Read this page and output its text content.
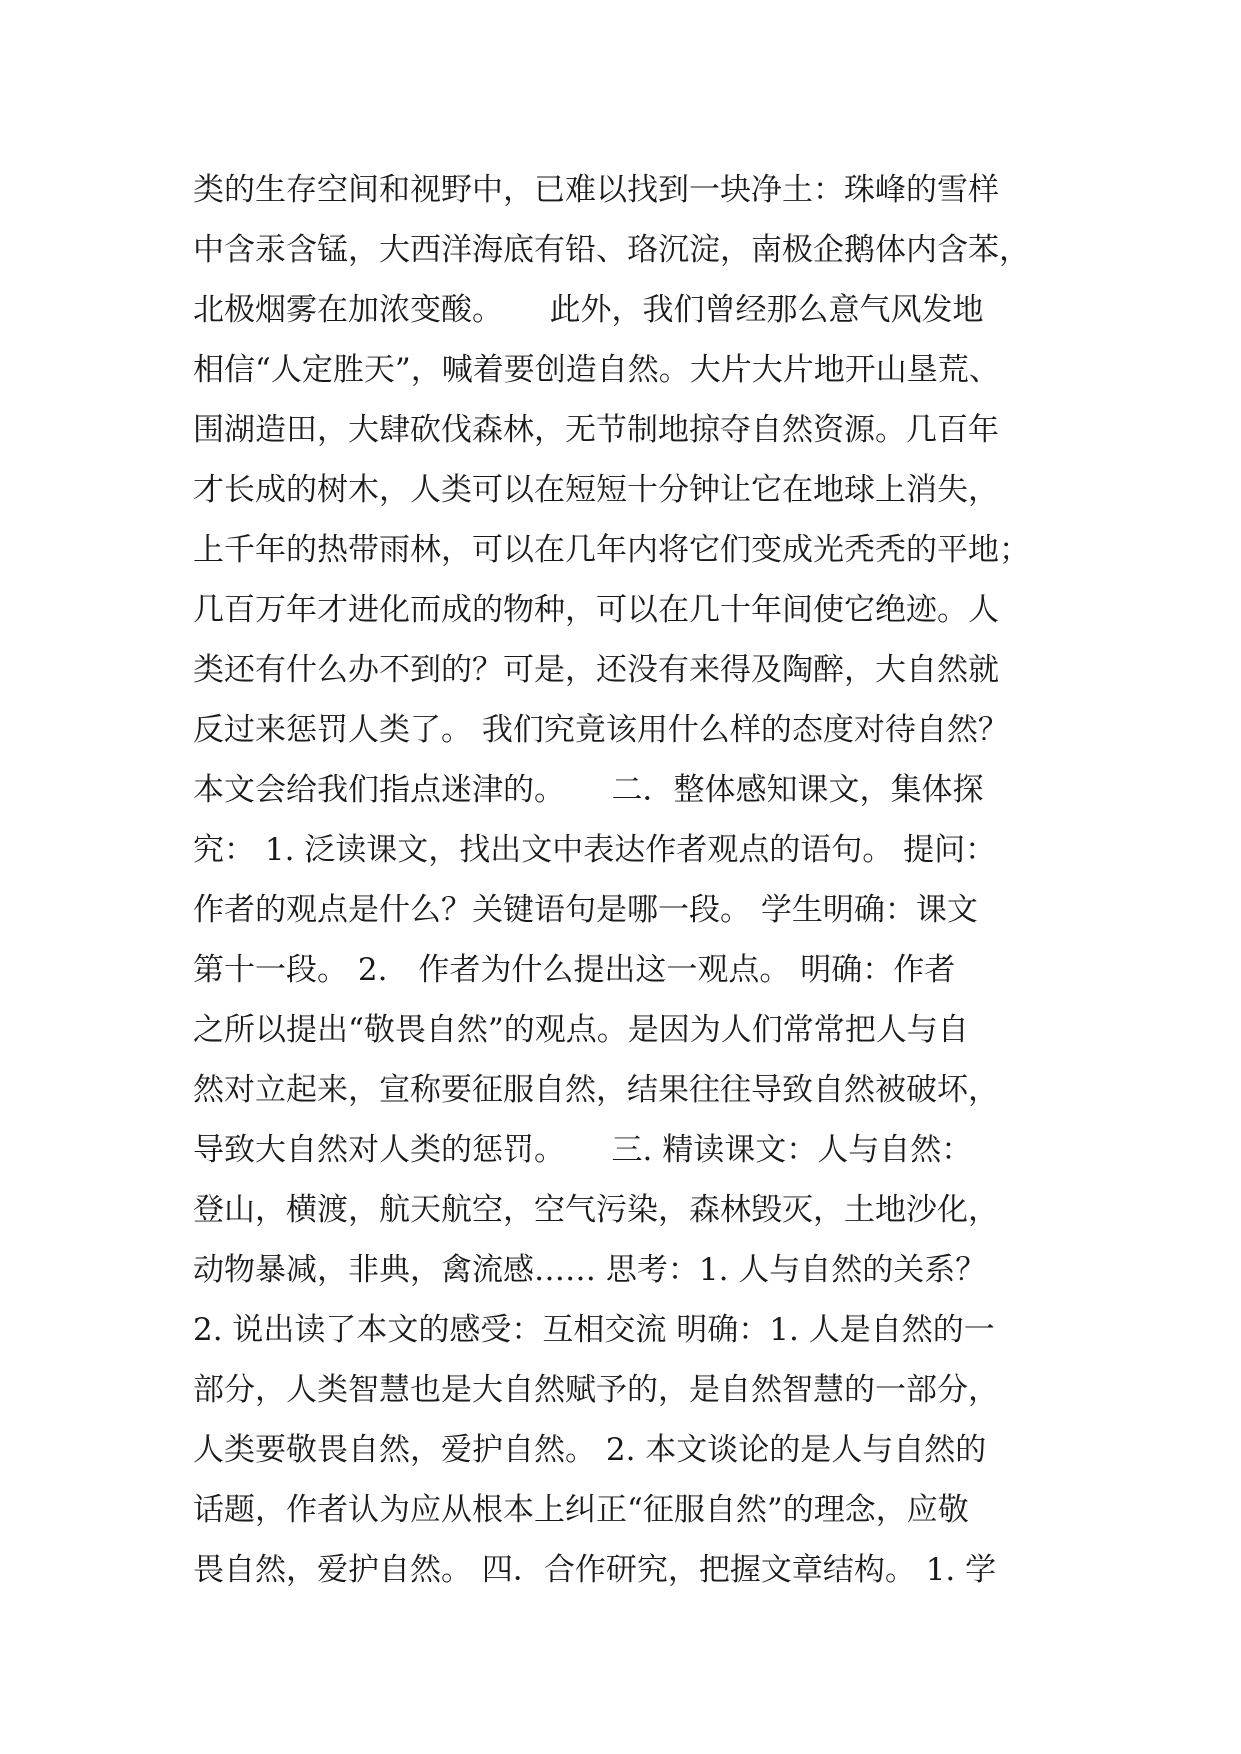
类的生存空间和视野中，已难以找到一块净土：珠峰的雪样
中含汞含锰，大西洋海底有铅、珞沉淀，南极企鹅体内含苯，
北极烟雾在加浓变酸。　　此外，我们曾经那么意气风发地
相信“人定胜天”，喊着要创造自然。大片大片地开山垦荒、
围湖造田，大肆砍伐森林，无节制地掠夺自然资源。几百年
才长成的树木，人类可以在短短十分钟让它在地球上消失，
上千年的热带雨林，可以在几年内将它们变成光秃秃的平地；
几百万年才进化而成的物种，可以在几十年间使它绝迹。人
类还有什么办不到的？可是，还没有来得及陶醉，大自然就
反过来惩罚人类了。 我们究竟该用什么样的态度对待自然？
本文会给我们指点迷津的。　　二．整体感知课文，集体探
究： 1. 泛读课文，找出文中表达作者观点的语句。 提问：
作者的观点是什么？关键语句是哪一段。 学生明确：课文
第十一段。 2.　作者为什么提出这一观点。 明确：作者
之所以提出“敬畏自然”的观点。是因为人们常常把人与自
然对立起来，宣称要征服自然，结果往往导致自然被破坏，
导致大自然对人类的惩罚。　　三. 精读课文：人与自然：
登山，横渡，航天航空，空气污染，森林毁灭，土地沙化，
动物暴减，非典，禽流感…… 思考：1. 人与自然的关系？
2. 说出读了本文的感受：互相交流 明确：1. 人是自然的一
部分，人类智慧也是大自然赋予的，是自然智慧的一部分，
人类要敬畏自然，爱护自然。 2. 本文谈论的是人与自然的
话题，作者认为应从根本上纠正“征服自然”的理念，应敬
畏自然，爱护自然。 四．合作研究，把握文章结构。 1. 学
